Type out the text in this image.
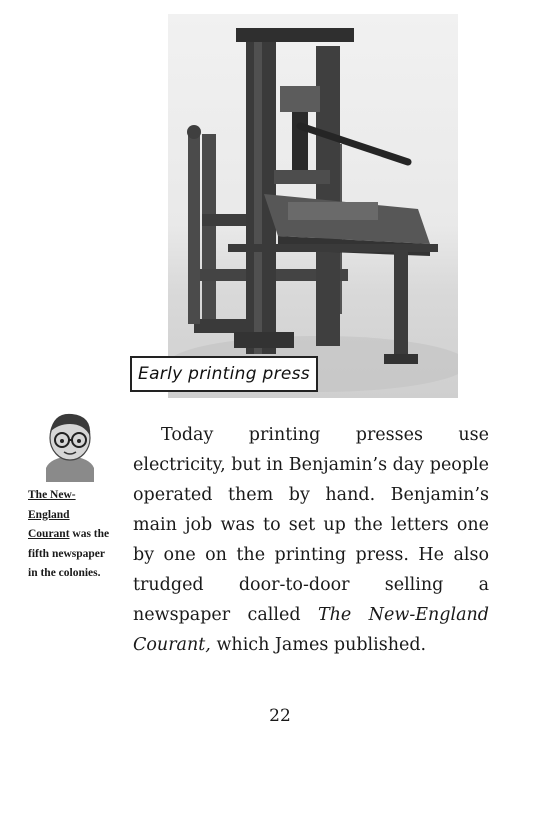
Early printing press
The New-England Courant was the fifth newspaper in the colonies.

Today printing presses use electricity, but in Benjamin’s day people operated them by hand. Benjamin’s main job was to set up the letters one by one on the printing press. He also trudged door-to-door selling a newspaper called The New-England Courant, which James published.

22
